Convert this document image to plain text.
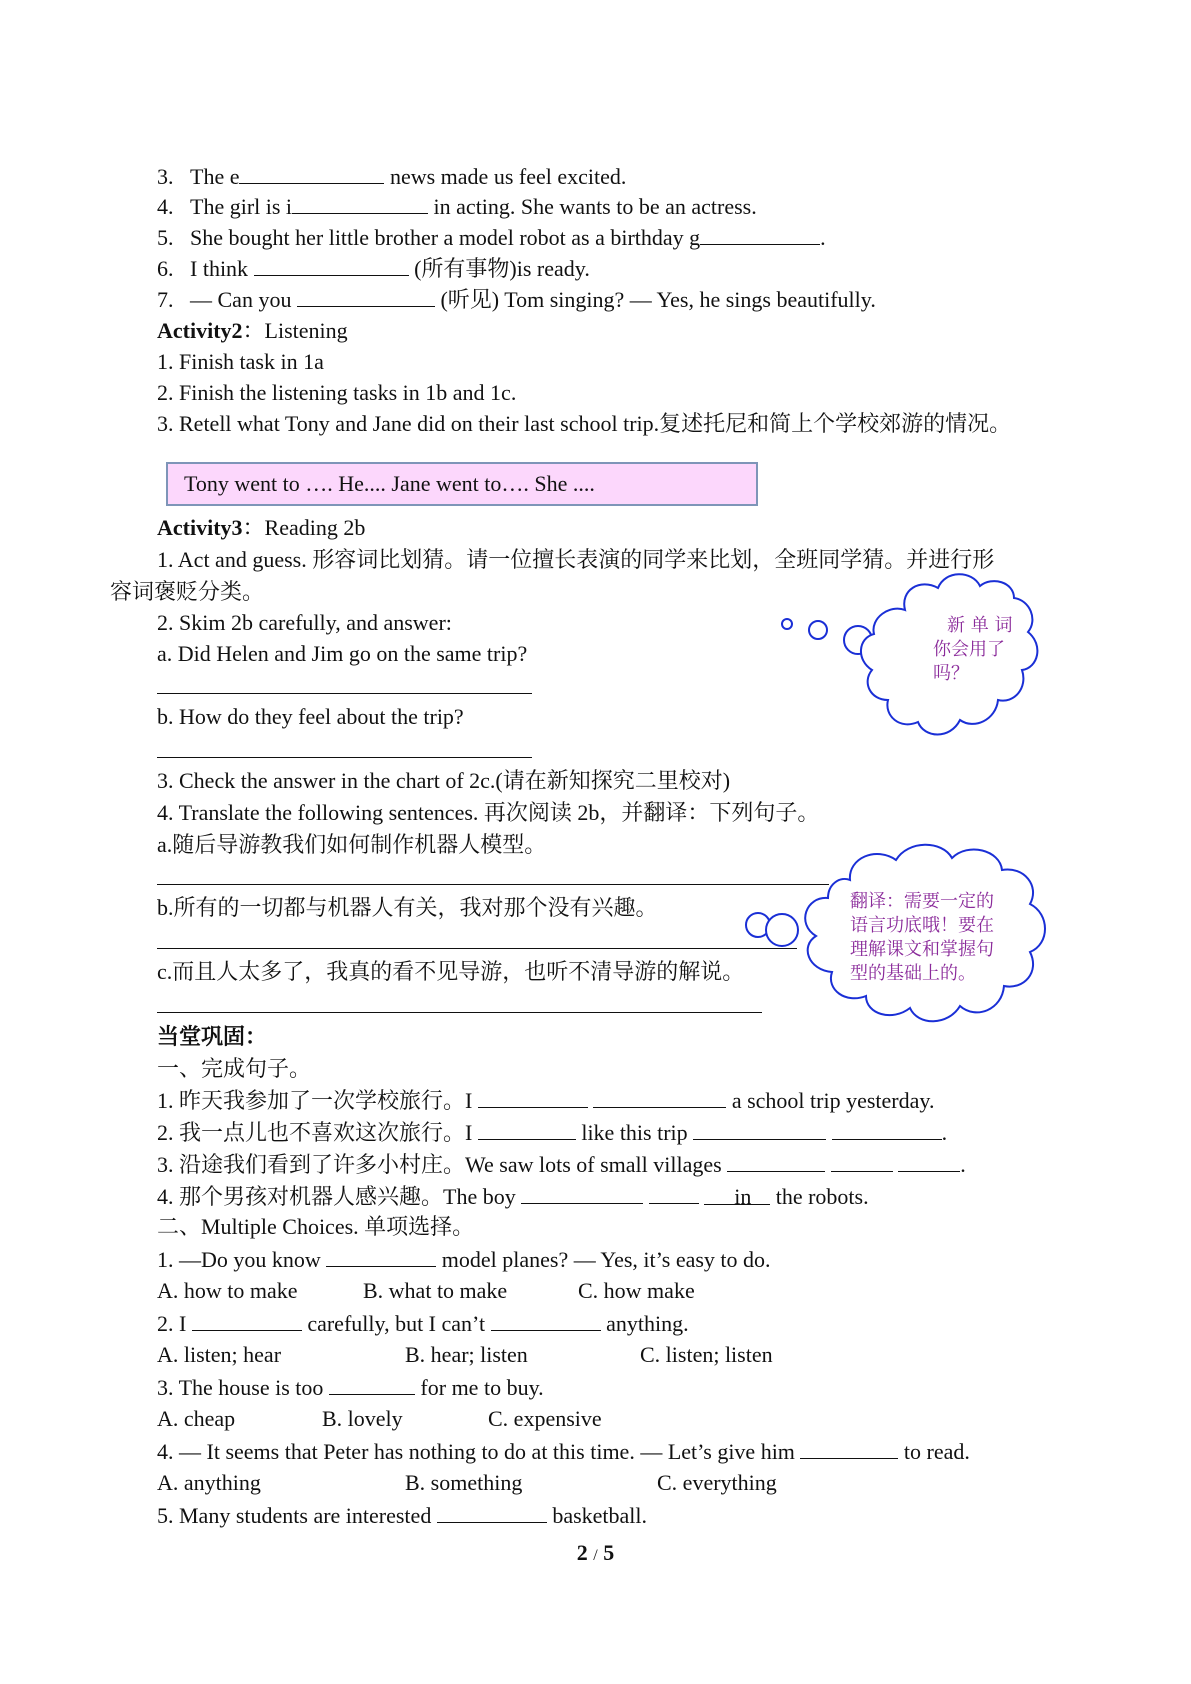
3. The e	news made us feel excited.
4. The girl is i	in acting. She wants to be an actress.
5. She bought her little brother a model robot as a birthday g	.
6. I think	(所有事物)is ready.
7. — Can you	(听见) Tom singing? — Yes, he sings beautifully.
Activity2：Listening
1. Finish task in 1a
2. Finish the listening tasks in 1b and 1c.
3. Retell what Tony and Jane did on their last school trip.复述托尼和简上个学校郊游的情况。
Tony went to …. He.... Jane went to…. She ....
Activity3：Reading 2b
1. Act and guess. 形容词比划猜。请一位擅长表演的同学来比划，全班同学猜。并进行形
容词褒贬分类。
2. Skim 2b carefully, and answer:
a. Did Helen and Jim go on the same trip?
b. How do they feel about the trip?
3. Check the answer in the chart of 2c.(请在新知探究二里校对)
4. Translate the following sentences. 再次阅读 2b，并翻译：下列句子。
a.随后导游教我们如何制作机器人模型。
b.所有的一切都与机器人有关，我对那个没有兴趣。
c.而且人太多了，我真的看不见导游，也听不清导游的解说。
当堂巩固：
一、完成句子。
1. 昨天我参加了一次学校旅行。I	a school trip yesterday.
2. 我一点儿也不喜欢这次旅行。I	like this trip	.
3. 沿途我们看到了许多小村庄。We saw lots of small villages	.
4. 那个男孩对机器人感兴趣。The boy	in the robots.
二、Multiple Choices. 单项选择。
1. —Do you know	model planes? — Yes, it’s easy to do.
A. how to make	B. what to make	C. how make
2. I	carefully, but I can’t	anything.
A. listen; hear	B. hear; listen	C. listen; listen
3. The house is too	for me to buy.
A. cheap	B. lovely	C. expensive
4. — It seems that Peter has nothing to do at this time. — Let’s give him	to read.
A. anything	B. something	C. everything
5. Many students are interested	basketball.
2 / 5
新 单 词
你会用了
吗？
翻译：需要一定的
语言功底哦！要在
理解课文和掌握句
型的基础上的。
